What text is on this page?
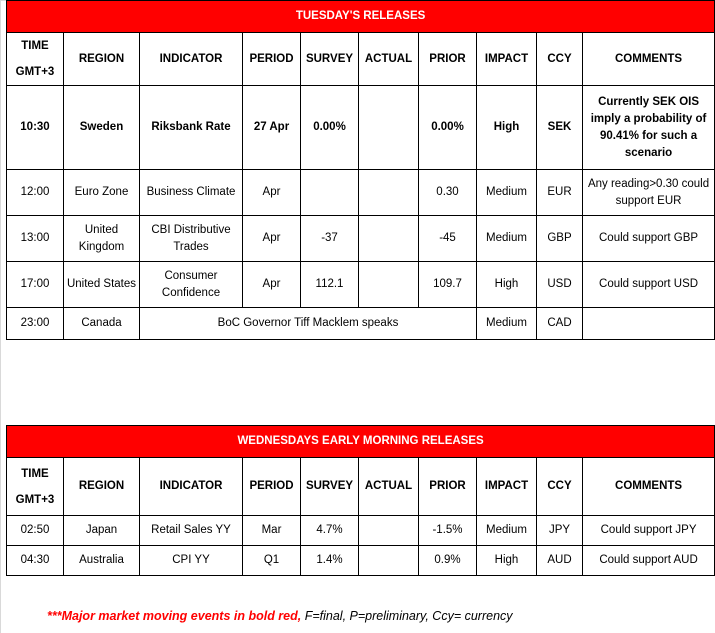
TUESDAY'S RELEASES									
TIME
GMT+3	REGION	INDICATOR	PERIOD	SURVEY	ACTUAL	PRIOR	IMPACT	CCY	COMMENTS
10:30	Sweden	Riksbank Rate	27 Apr	0.00%		0.00%	High	SEK	Currently SEK OIS imply a probability of 90.41% for such a scenario
12:00	Euro Zone	Business Climate	Apr			0.30	Medium	EUR	Any reading>0.30 could support EUR
13:00	United Kingdom	CBI Distributive Trades	Apr	-37		-45	Medium	GBP	Could support GBP
17:00	United States	Consumer Confidence	Apr	112.1		109.7	High	USD	Could support USD
23:00	Canada	BoC Governor Tiff Macklem speaks					Medium	CAD	
WEDNESDAYS EARLY MORNING RELEASES									
TIME
GMT+3	REGION	INDICATOR	PERIOD	SURVEY	ACTUAL	PRIOR	IMPACT	CCY	COMMENTS
02:50	Japan	Retail Sales YY	Mar	4.7%		-1.5%	Medium	JPY	Could support JPY
04:30	Australia	CPI YY	Q1	1.4%		0.9%	High	AUD	Could support AUD
***Major market moving events in bold red, F=final, P=preliminary, Ccy= currency
